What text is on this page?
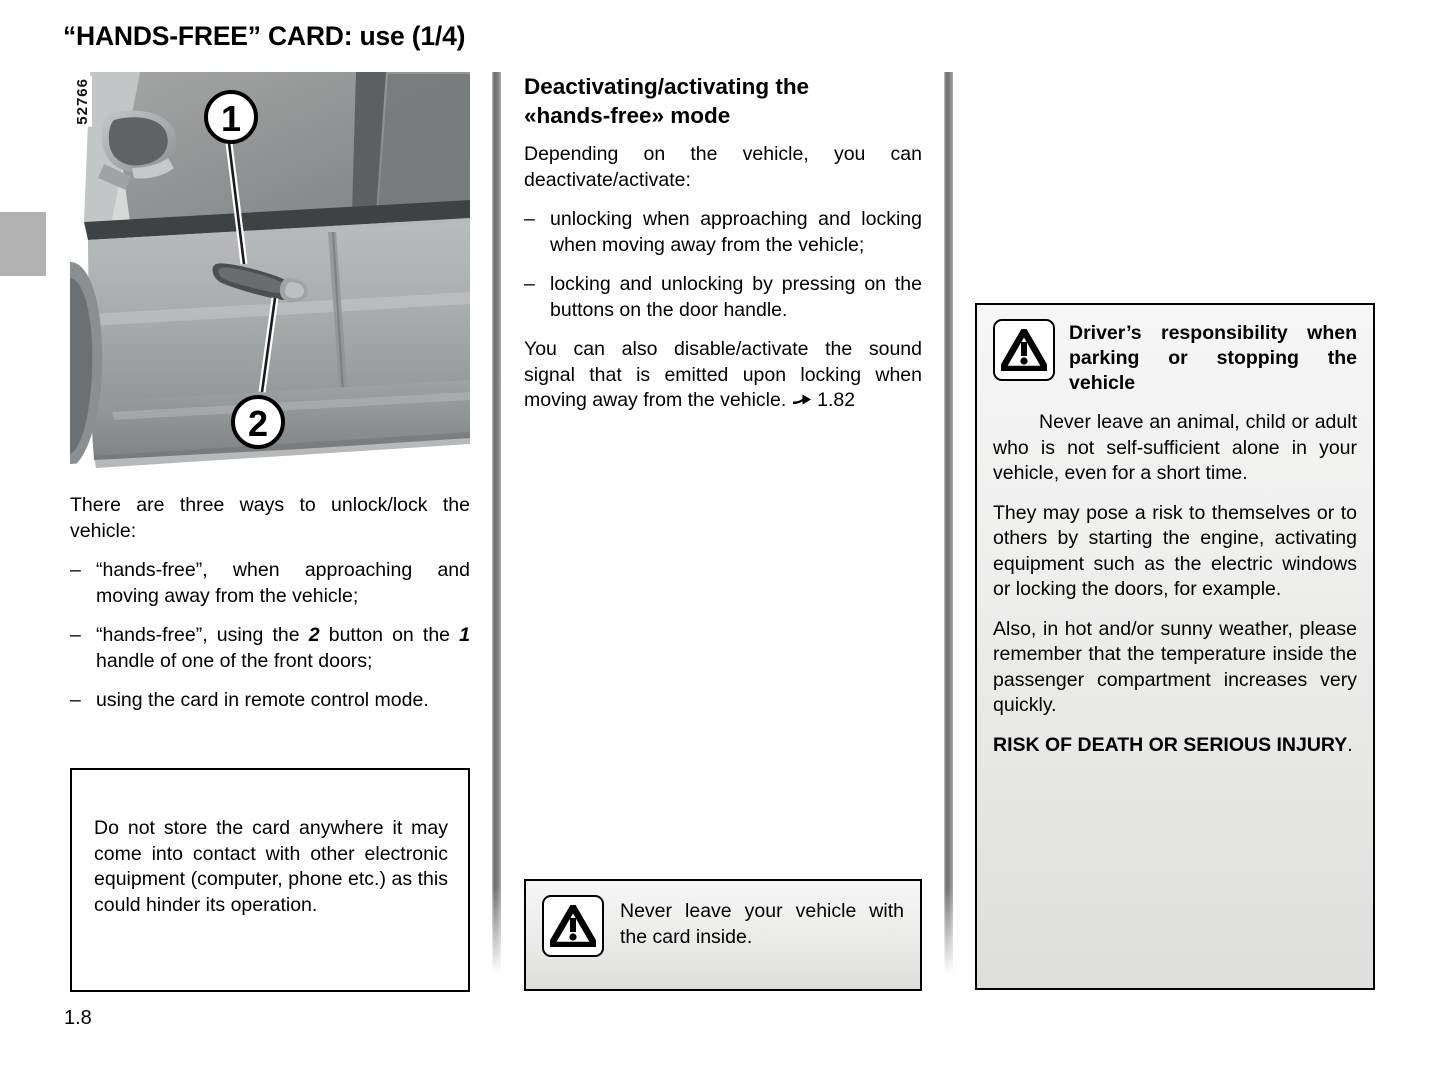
“HANDS-FREE” CARD: use (1/4)
52766	1
2

There are three ways to unlock/lock the vehicle:

– “hands-free”, when approaching and moving away from the vehicle;
– “hands-free”, using the 2 button on the 1 handle of one of the front doors;
– using the card in remote control mode.

Do not store the card anywhere it may come into contact with other electronic equipment (computer, phone etc.) as this could hinder its operation.

Deactivating/activating the
«hands-free» mode

Depending on the vehicle, you can deactivate/activate:

– unlocking when approaching and locking when moving away from the vehicle;
– locking and unlocking by pressing on the buttons on the door handle.

You can also disable/activate the sound signal that is emitted upon locking when moving away from the vehicle. 1.82

Never leave your vehicle with the card inside.
Driver’s responsibility when parking or stopping the vehicle

Never leave an animal, child or adult who is not self-sufficient alone in your vehicle, even for a short time.

They may pose a risk to themselves or to others by starting the engine, activating equipment such as the electric windows or locking the doors, for example.

Also, in hot and/or sunny weather, please remember that the temperature inside the passenger compartment increases very quickly.

RISK OF DEATH OR SERIOUS INJURY.

1.8
